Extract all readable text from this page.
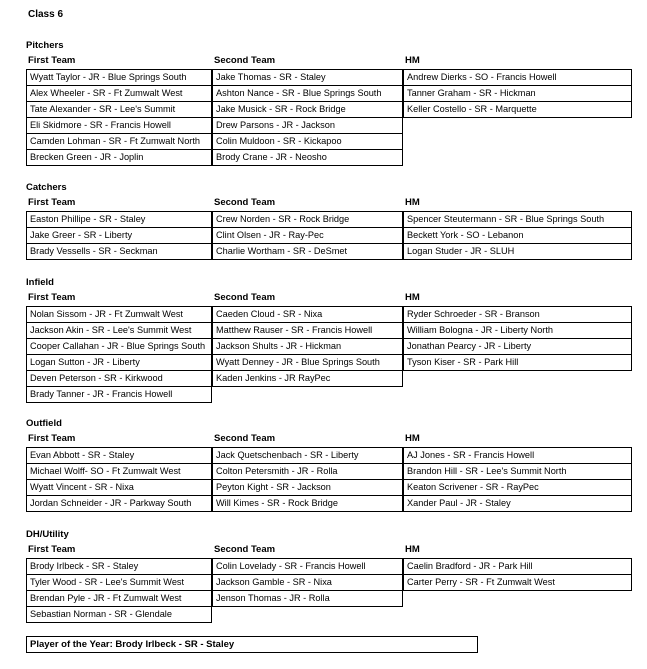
Class 6
Pitchers
First Team
Wyatt Taylor - JR - Blue Springs South
Alex Wheeler - SR - Ft Zumwalt West
Tate Alexander - SR - Lee's Summit
Eli Skidmore - SR - Francis Howell
Camden Lohman - SR - Ft Zumwalt North
Brecken Green - JR - Joplin
Second Team
Jake Thomas - SR - Staley
Ashton Nance - SR - Blue Springs South
Jake Musick - SR - Rock Bridge
Drew Parsons - JR - Jackson
Colin Muldoon - SR - Kickapoo
Brody Crane - JR - Neosho
HM
Andrew Dierks - SO - Francis Howell
Tanner Graham - SR - Hickman
Keller Costello - SR - Marquette
Catchers
First Team
Easton Phillipe - SR - Staley
Jake Greer - SR - Liberty
Brady Vessells - SR - Seckman
Second Team
Crew Norden - SR - Rock Bridge
Clint Olsen - JR - Ray-Pec
Charlie Wortham - SR - DeSmet
HM
Spencer Steutermann - SR - Blue Springs South
Beckett York - SO - Lebanon
Logan Studer - JR - SLUH
Infield
First Team
Nolan Sissom - JR - Ft Zumwalt West
Jackson Akin - SR - Lee's Summit West
Cooper Callahan - JR - Blue Springs South
Logan Sutton - JR - Liberty
Deven Peterson - SR - Kirkwood
Brady Tanner - JR - Francis Howell
Second Team
Caeden Cloud - SR - Nixa
Matthew Rauser - SR - Francis Howell
Jackson Shults - JR - Hickman
Wyatt Denney - JR - Blue Springs South
Kaden Jenkins - JR RayPec
HM
Ryder Schroeder - SR - Branson
William Bologna - JR - Liberty North
Jonathan Pearcy - JR - Liberty
Tyson Kiser - SR - Park Hill
Outfield
First Team
Evan Abbott - SR - Staley
Michael Wolff- SO - Ft Zumwalt West
Wyatt Vincent - SR - Nixa
Jordan Schneider - JR - Parkway South
Second Team
Jack Quetschenbach - SR - Liberty
Colton Petersmith - JR - Rolla
Peyton Kight - SR - Jackson
Will Kimes - SR - Rock Bridge
HM
AJ Jones - SR - Francis Howell
Brandon Hill - SR - Lee's Summit North
Keaton Scrivener - SR - RayPec
Xander Paul - JR - Staley
DH/Utility
First Team
Brody Irlbeck - SR - Staley
Tyler Wood - SR - Lee's Summit West
Brendan Pyle - JR - Ft Zumwalt West
Sebastian Norman - SR - Glendale
Second Team
Colin Lovelady - SR - Francis Howell
Jackson Gamble - SR - Nixa
Jenson Thomas - JR - Rolla
HM
Caelin Bradford - JR - Park Hill
Carter Perry - SR - Ft Zumwalt West
Player of the Year: Brody Irlbeck - SR - Staley
